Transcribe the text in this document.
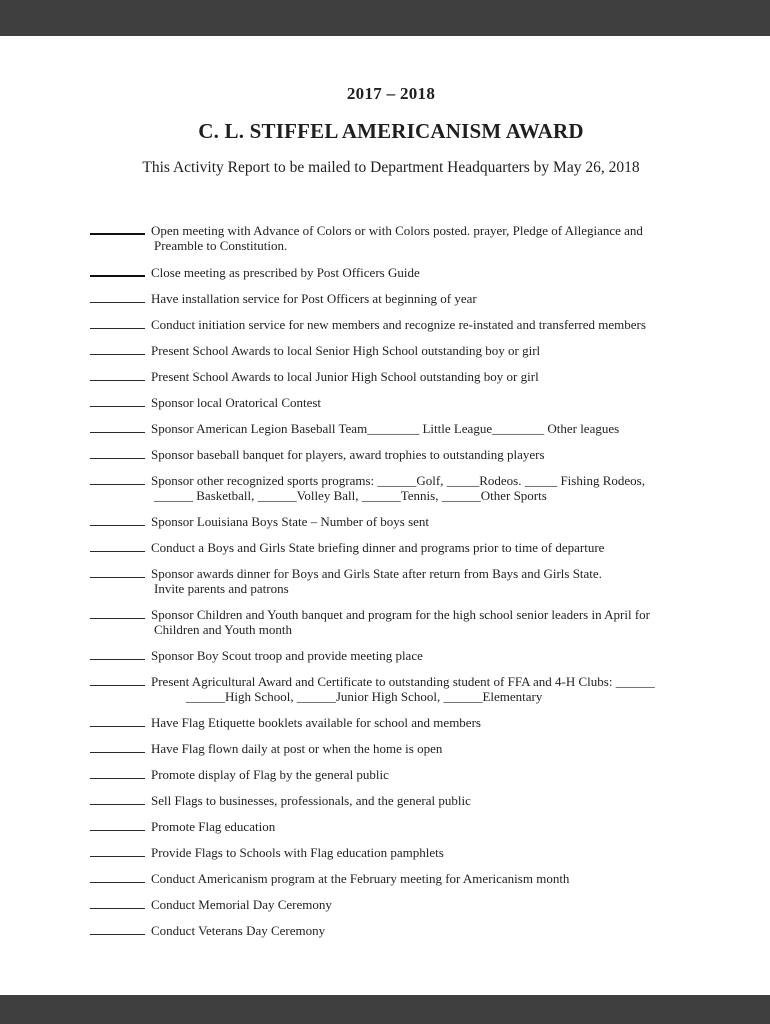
2017 – 2018

C. L. STIFFEL AMERICANISM AWARD

This Activity Report to be mailed to Department Headquarters by May 26, 2018

Open meeting with Advance of Colors or with Colors posted. prayer, Pledge of Allegiance and
Preamble to Constitution.
Close meeting as prescribed by Post Officers Guide
Have installation service for Post Officers at beginning of year
Conduct initiation service for new members and recognize re-instated and transferred members
Present School Awards to local Senior High School outstanding boy or girl
Present School Awards to local Junior High School outstanding boy or girl
Sponsor local Oratorical Contest
Sponsor American Legion Baseball Team________ Little League________ Other leagues
Sponsor baseball banquet for players, award trophies to outstanding players
Sponsor other recognized sports programs: ______Golf, _____Rodeos. _____ Fishing Rodeos,
______ Basketball, ______Volley Ball, ______Tennis, ______Other Sports
Sponsor Louisiana Boys State – Number of boys sent
Conduct a Boys and Girls State briefing dinner and programs prior to time of departure
Sponsor awards dinner for Boys and Girls State after return from Bays and Girls State.
Invite parents and patrons
Sponsor Children and Youth banquet and program for the high school senior leaders in April for
Children and Youth month
Sponsor Boy Scout troop and provide meeting place
Present Agricultural Award and Certificate to outstanding student of FFA and 4-H Clubs: ______
______High School, ______Junior High School, ______Elementary
Have Flag Etiquette booklets available for school and members
Have Flag flown daily at post or when the home is open
Promote display of Flag by the general public
Sell Flags to businesses, professionals, and the general public
Promote Flag education
Provide Flags to Schools with Flag education pamphlets
Conduct Americanism program at the February meeting for Americanism month
Conduct Memorial Day Ceremony
Conduct Veterans Day Ceremony
